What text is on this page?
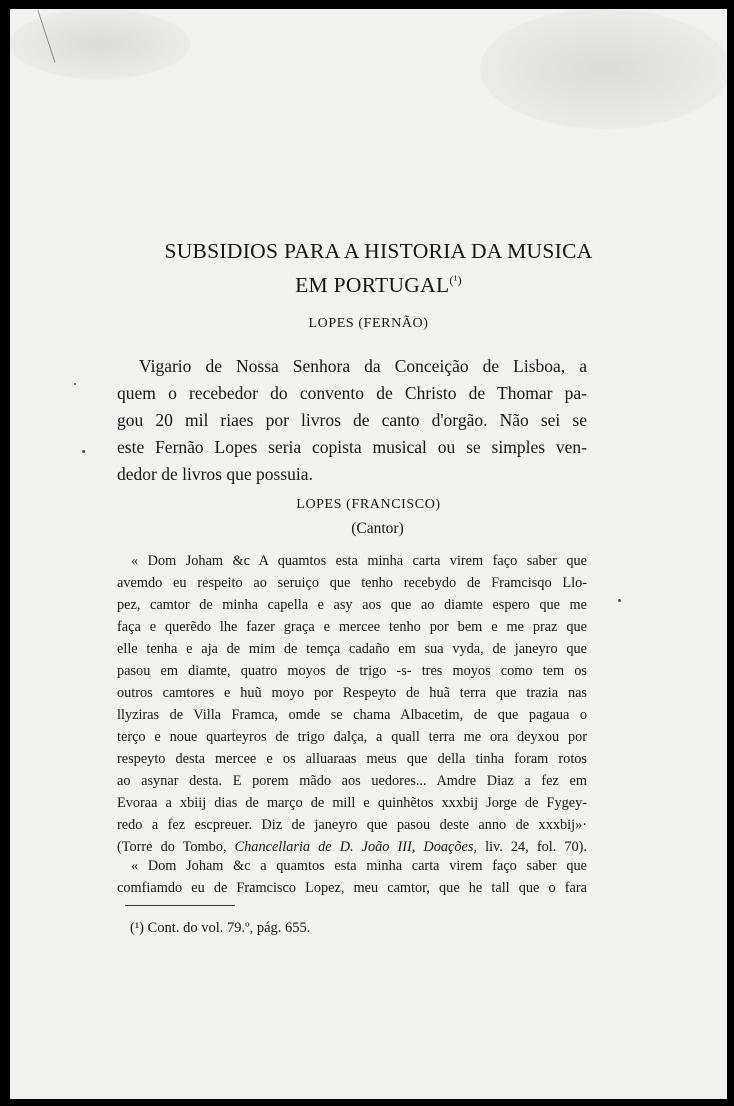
SUBSIDIOS PARA A HISTORIA DA MUSICA
EM $PORTUGAL^{(^1)}$
LOPES (FERNÃO)
Vigario de Nossa Senhora da Conceição de Lisboa, a
quem o recebedor do convento de Christo de Thomar pa-
gou 20 mil riaes por livros de canto d'orgão. Não sei se
este Fernão Lopes seria copista musical ou se simples ven-
dedor de livros que possuia.
LOPES (FRANCISCO)
(Cantor)
« Dom Joham &c A quamtos esta minha carta virem faço saber que
avemdo eu respeito ao seruiço que tenho recebydo de Framcisqo Llo-
pez, camtor de minha capella e asy aos que ao diamte espero que me
faça e querẽdo lhe fazer graça e mercee tenho por bem e me praz que
elle tenha e aja de mim de temça cadaño em sua vyda, de janeyro que
pasou em diamte, quatro moyos de trigo -s- tres moyos como tem os
outros camtores e huũ moyo por Respeyto de huã terra que trazia nas
llyziras de Villa Framca, omde se chama Albacetim, de que pagaua o
terço e noue quarteyros de trigo dalça, a quall terra me ora deyxou por
respeyto desta mercee e os alluaraas meus que della tinha foram rotos
ao asynar desta. E porem mãdo aos uedores... Amdre Diaz a fez em
Evoraa a xbiij dias de março de mill e quinhẽtos xxxbij Jorge de Fygey-
redo a fez escpreuer. Diz de janeyro que pasou deste anno de xxxbij»·
(Torre do Tombo, Chancellaria de D. João III, Doações, liv. 24, fol. 70).
« Dom Joham &c a quamtos esta minha carta virem faço saber que
comfiamdo eu de Framcisco Lopez, meu camtor, que he tall que o fara
(¹) Cont. do vol. 79.º, pág. 655.
